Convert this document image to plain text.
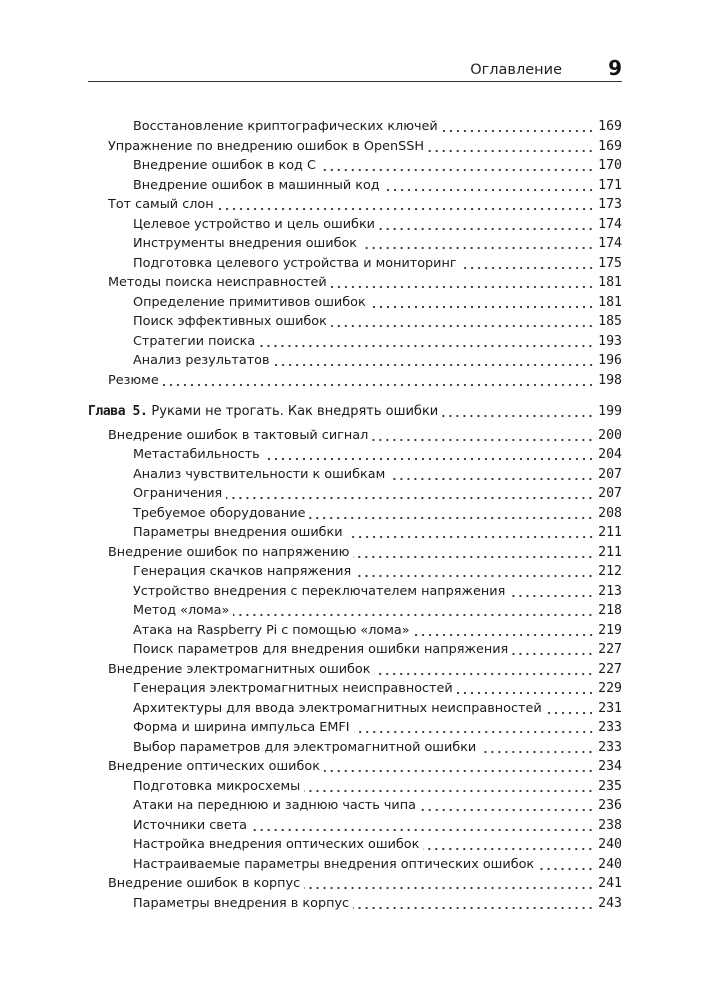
Оглавление 9
Восстановление криптографических ключей	169
Упражнение по внедрению ошибок в OpenSSH	169
Внедрение ошибок в код C	170
Внедрение ошибок в машинный код	171
Тот самый слон	173
Целевое устройство и цель ошибки	174
Инструменты внедрения ошибок	174
Подготовка целевого устройства и мониторинг	175
Методы поиска неисправностей	181
Определение примитивов ошибок	181
Поиск эффективных ошибок	185
Стратегии поиска	193
Анализ результатов	196
Резюме	198
Глава 5. Руками не трогать. Как внедрять ошибки	199
Внедрение ошибок в тактовый сигнал	200
Метастабильность	204
Анализ чувствительности к ошибкам	207
Ограничения	207
Требуемое оборудование	208
Параметры внедрения ошибки	211
Внедрение ошибок по напряжению	211
Генерация скачков напряжения	212
Устройство внедрения с переключателем напряжения	213
Метод «лома»	218
Атака на Raspberry Pi с помощью «лома»	219
Поиск параметров для внедрения ошибки напряжения	227
Внедрение электромагнитных ошибок	227
Генерация электромагнитных неисправностей	229
Архитектуры для ввода электромагнитных неисправностей	231
Форма и ширина импульса EMFI	233
Выбор параметров для электромагнитной ошибки	233
Внедрение оптических ошибок	234
Подготовка микросхемы	235
Атаки на переднюю и заднюю часть чипа	236
Источники света	238
Настройка внедрения оптических ошибок	240
Настраиваемые параметры внедрения оптических ошибок	240
Внедрение ошибок в корпус	241
Параметры внедрения в корпус	243
